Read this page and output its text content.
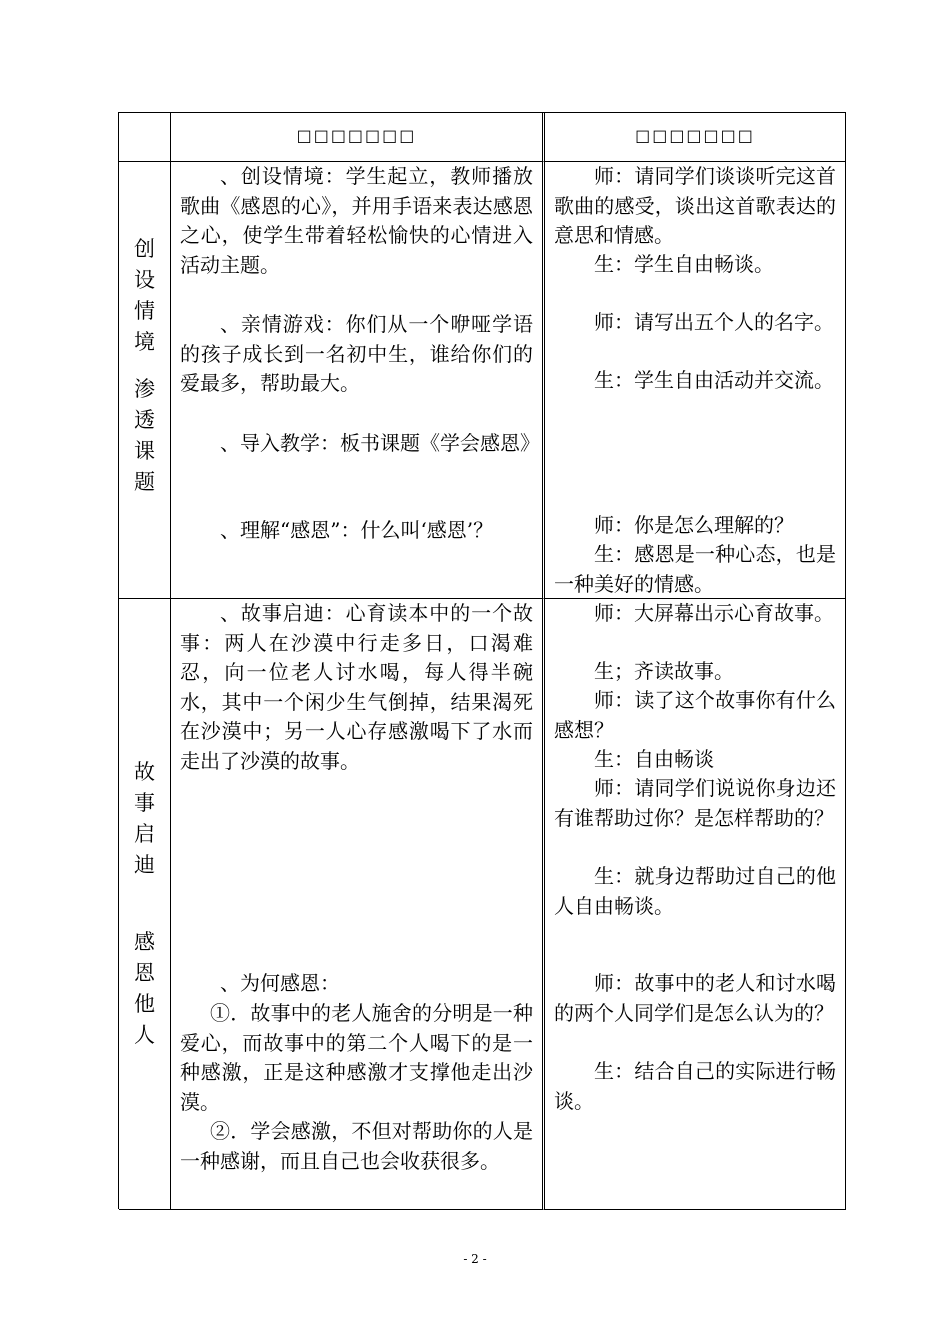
□□□□□□□	□□□□□□□
创
设
情
境
渗
透
课
题
、创设情境：学生起立，教师播放歌曲《感恩的心》，并用手语来表达感恩之心，使学生带着轻松愉快的心情进入活动主题。
、亲情游戏：你们从一个咿哑学语的孩子成长到一名初中生，谁给你们的爱最多，帮助最大。
、导入教学：板书课题《学会感恩》
、理解“感恩”：什么叫‘感恩’？
师：请同学们谈谈听完这首歌曲的感受，谈出这首歌表达的意思和情感。
生：学生自由畅谈。
师：请写出五个人的名字。
生：学生自由活动并交流。
师：你是怎么理解的？
生：感恩是一种心态，也是一种美好的情感。
故
事
启
迪
感
恩
他
人
、故事启迪：心育读本中的一个故事：两人在沙漠中行走多日，口渴难忍，向一位老人讨水喝，每人得半碗水，其中一个闲少生气倒掉，结果渴死在沙漠中；另一人心存感激喝下了水而走出了沙漠的故事。
、为何感恩：
①．故事中的老人施舍的分明是一种爱心，而故事中的第二个人喝下的是一种感激，正是这种感激才支撑他走出沙漠。
②．学会感激，不但对帮助你的人是一种感谢，而且自己也会收获很多。
师：大屏幕出示心育故事。
生；齐读故事。
师：读了这个故事你有什么感想？
生：自由畅谈
师：请同学们说说你身边还有谁帮助过你？是怎样帮助的？
生：就身边帮助过自己的他人自由畅谈。
师：故事中的老人和讨水喝的两个人同学们是怎么认为的？
生：结合自己的实际进行畅谈。
- 2 -
